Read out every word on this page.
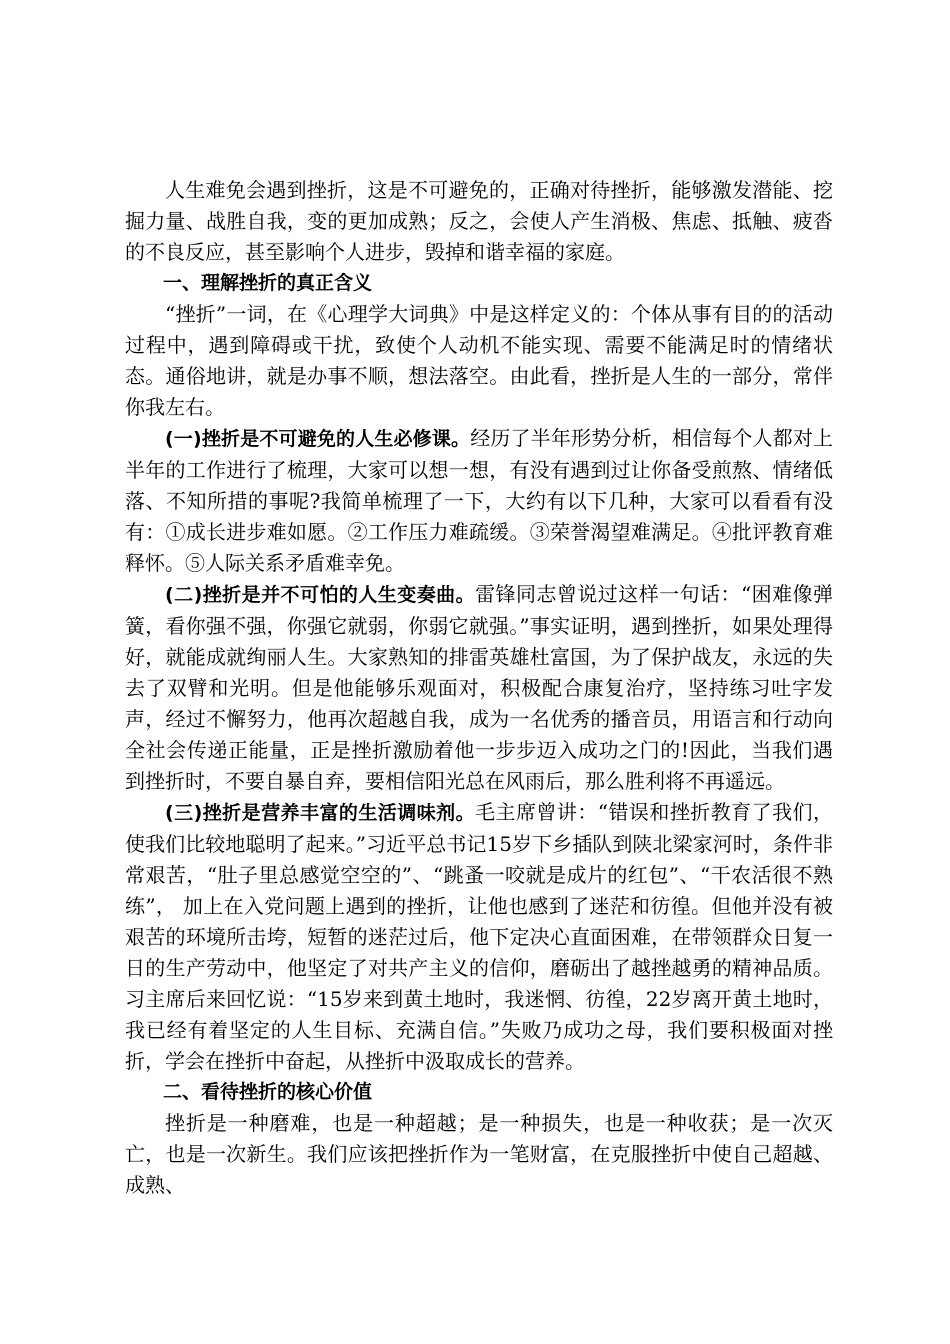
人生难免会遇到挫折，这是不可避免的，正确对待挫折，能够激发潜能、挖掘力量、战胜自我，变的更加成熟；反之，会使人产生消极、焦虑、抵触、疲沓的不良反应，甚至影响个人进步，毁掉和谐幸福的家庭。

一、理解挫折的真正含义

“挫折”一词，在《心理学大词典》中是这样定义的：个体从事有目的的活动过程中，遇到障碍或干扰，致使个人动机不能实现、需要不能满足时的情绪状态。通俗地讲，就是办事不顺，想法落空。由此看，挫折是人生的一部分，常伴你我左右。

(一)挫折是不可避免的人生必修课。经历了半年形势分析，相信每个人都对上半年的工作进行了梳理，大家可以想一想，有没有遇到过让你备受煎熬、情绪低落、不知所措的事呢?我简单梳理了一下，大约有以下几种，大家可以看看有没有：①成长进步难如愿。②工作压力难疏缓。③荣誉渴望难满足。④批评教育难释怀。⑤人际关系矛盾难幸免。

(二)挫折是并不可怕的人生变奏曲。雷锋同志曾说过这样一句话：“困难像弹簧，看你强不强，你强它就弱，你弱它就强。”事实证明，遇到挫折，如果处理得好，就能成就绚丽人生。大家熟知的排雷英雄杜富国，为了保护战友，永远的失去了双臂和光明。但是他能够乐观面对，积极配合康复治疗，坚持练习吐字发声，经过不懈努力，他再次超越自我，成为一名优秀的播音员，用语言和行动向全社会传递正能量，正是挫折激励着他一步步迈入成功之门的!因此，当我们遇到挫折时，不要自暴自弃，要相信阳光总在风雨后，那么胜利将不再遥远。

(三)挫折是营养丰富的生活调味剂。毛主席曾讲：“错误和挫折教育了我们，使我们比较地聪明了起来。”习近平总书记15岁下乡插队到陕北梁家河时，条件非常艰苦，“肚子里总感觉空空的”、“跳蚤一咬就是成片的红包”、“干农活很不熟练”， 加上在入党问题上遇到的挫折，让他也感到了迷茫和彷徨。但他并没有被艰苦的环境所击垮，短暂的迷茫过后，他下定决心直面困难，在带领群众日复一日的生产劳动中，他坚定了对共产主义的信仰，磨砺出了越挫越勇的精神品质。习主席后来回忆说：“15岁来到黄土地时，我迷惘、彷徨，22岁离开黄土地时，我已经有着坚定的人生目标、充满自信。”失败乃成功之母，我们要积极面对挫折，学会在挫折中奋起，从挫折中汲取成长的营养。

二、看待挫折的核心价值

挫折是一种磨难，也是一种超越；是一种损失，也是一种收获；是一次灭亡，也是一次新生。我们应该把挫折作为一笔财富，在克服挫折中使自己超越、成熟、
